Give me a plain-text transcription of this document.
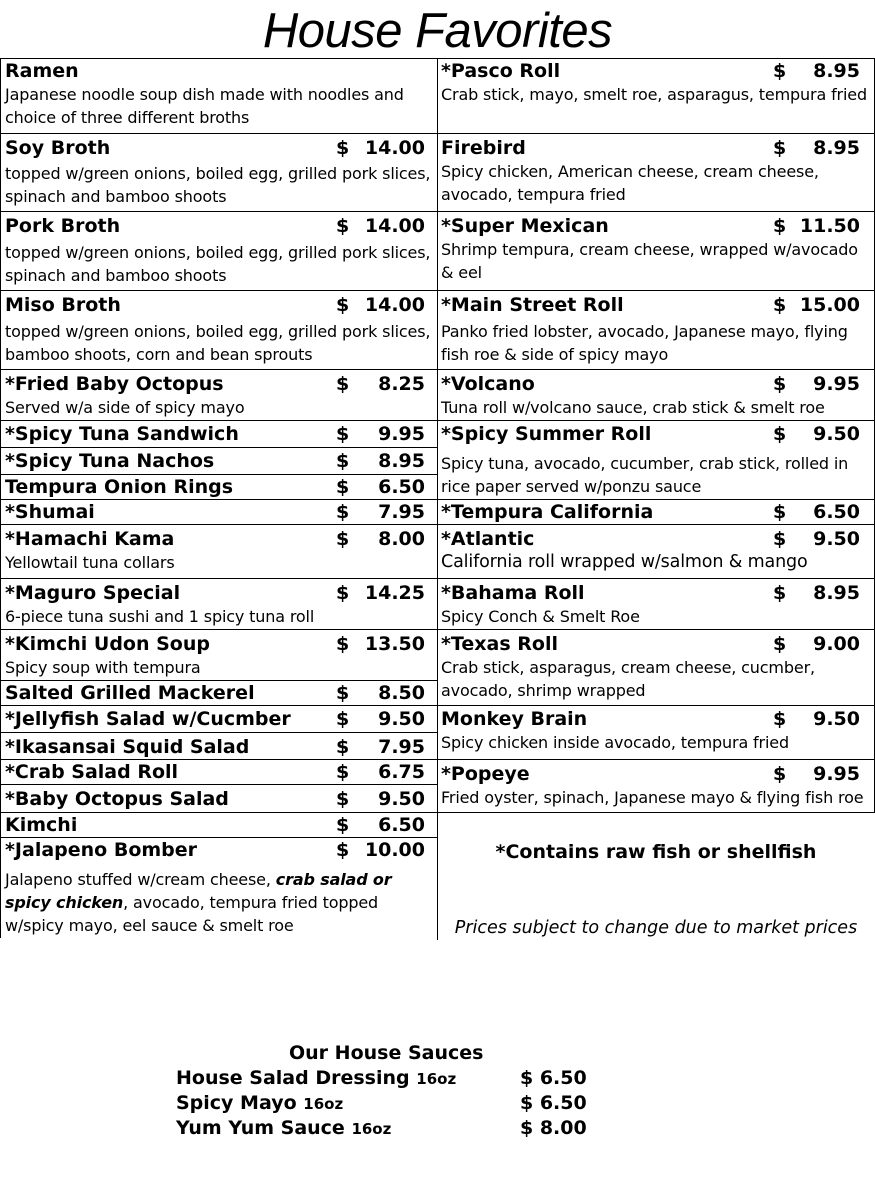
House Favorites
Ramen
Japanese noodle soup dish made with noodles and choice of three different broths
Soy Broth	$ 14.00
topped w/green onions, boiled egg, grilled pork slices, spinach and bamboo shoots
Pork Broth	$ 14.00
topped w/green onions, boiled egg, grilled pork slices, spinach and bamboo shoots
Miso Broth	$ 14.00
topped w/green onions, boiled egg, grilled pork slices, bamboo shoots, corn and bean sprouts
*Fried Baby Octopus	$	8.25
Served w/a side of spicy mayo
*Spicy Tuna Sandwich	$	9.95
*Spicy Tuna Nachos	$	8.95
Tempura Onion Rings	$	6.50
*Shumai	$	7.95
*Hamachi Kama	$	8.00
Yellowtail tuna collars
*Maguro Special	$ 14.25
6-piece tuna sushi and 1 spicy tuna roll
*Kimchi Udon Soup	$ 13.50
Spicy soup with tempura
Salted Grilled Mackerel	$	8.50
*Jellyfish Salad w/Cucmber	$	9.50
*Ikasansai Squid Salad	$	7.95
*Crab Salad Roll	$	6.75
*Baby Octopus Salad	$	9.50
Kimchi	$	6.50
*Jalapeno Bomber	$ 10.00
Jalapeno stuffed w/cream cheese, crab salad or spicy chicken, avocado, tempura fried topped w/spicy mayo, eel sauce & smelt roe
*Pasco Roll	$	8.95
Crab stick, mayo, smelt roe, asparagus, tempura fried
Firebird	$	8.95
Spicy chicken, American cheese, cream cheese, avocado, tempura fried
*Super Mexican	$ 11.50
Shrimp tempura, cream cheese, wrapped w/avocado & eel
*Main Street Roll	$ 15.00
Panko fried lobster, avocado, Japanese mayo, flying fish roe & side of spicy mayo
*Volcano	$	9.95
Tuna roll w/volcano sauce, crab stick & smelt roe
*Spicy Summer Roll	$	9.50
Spicy tuna, avocado, cucumber, crab stick, rolled in rice paper served w/ponzu sauce
*Tempura California	$	6.50
*Atlantic	$	9.50
California roll wrapped w/salmon & mango
*Bahama Roll	$	8.95
Spicy Conch & Smelt Roe
*Texas Roll	$	9.00
Crab stick, asparagus, cream cheese, cucmber, avocado, shrimp wrapped
Monkey Brain	$	9.50
Spicy chicken inside avocado, tempura fried
*Popeye	$	9.95
Fried oyster, spinach, Japanese mayo & flying fish roe
*Contains raw fish or shellfish
Prices subject to change due to market prices
Our House Sauces
House Salad Dressing 16oz	$ 6.50
Spicy Mayo 16oz	$ 6.50
Yum Yum Sauce 16oz	$ 8.00
